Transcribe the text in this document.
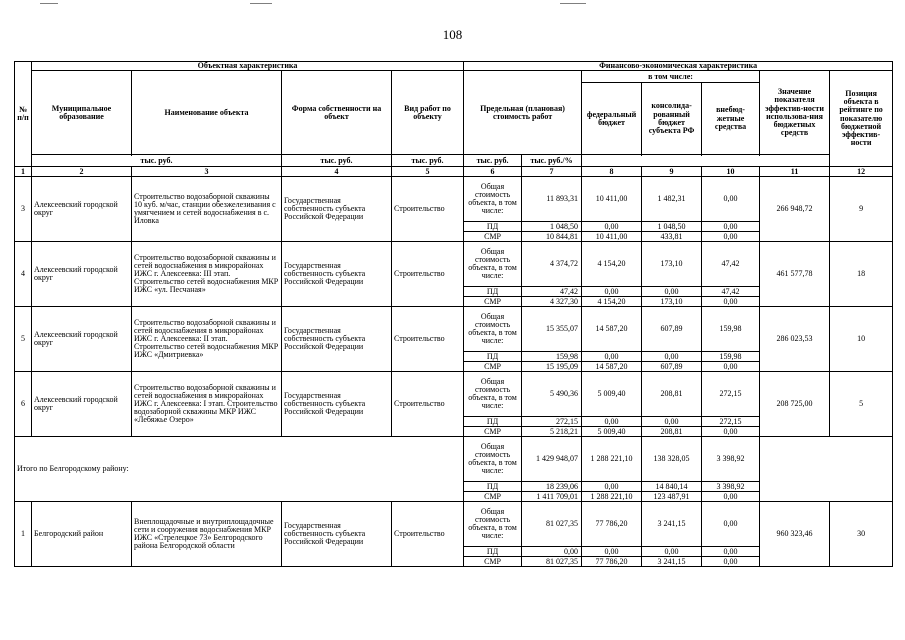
108
№
п/п	Объектная характеристика				Финансово-экономическая характеристика						
	Муниципальное образование	Наименование объекта	Форма собственности на объект	Вид работ по объекту	Предельная (плановая) стоимость работ		в том числе:			Значение показателя эффектив-ности использова-ния бюджетных средств	Позиция объекта в рейтинге по показателю бюджетной эффектив-ности
							федеральный бюджет	консолида-рованный бюджет субъекта РФ	внебюд-жетные средства		

	тыс. руб.		тыс. руб.	тыс. руб.	тыс. руб.	тыс. руб./%					
1	2	3	4	5	6	7	8	9	10	11	12
3	Алексеевский городской округ	Строительство водозаборной скважины 10 куб. м/час, станции обезжелезивания с умягчением и сетей водоснабжения в с. Иловка	Государственная собственность субъекта Российской Федерации	Строительство	Общая стоимость объекта, в том числе:	11 893,31	10 411,00	1 482,31	0,00	266 948,72	9
					ПД	1 048,50	0,00	1 048,50	0,00		
					СМР	10 844,81	10 411,00	433,81	0,00		
4	Алексеевский городской округ	Строительство водозаборной скважины и сетей водоснабжения в микрорайонах ИЖС г. Алексеевка: III этап. Строительство сетей водоснабжения МКР ИЖС «ул. Песчаная»	Государственная собственность субъекта Российской Федерации	Строительство	Общая стоимость объекта, в том числе:	4 374,72	4 154,20	173,10	47,42	461 577,78	18
					ПД	47,42	0,00	0,00	47,42		
					СМР	4 327,30	4 154,20	173,10	0,00		
5	Алексеевский городской округ	Строительство водозаборной скважины и сетей водоснабжения в микрорайонах ИЖС г. Алексеевка: II этап. Строительство сетей водоснабжения МКР ИЖС «Дмитриевка»	Государственная собственность субъекта Российской Федерации	Строительство	Общая стоимость объекта, в том числе:	15 355,07	14 587,20	607,89	159,98	286 023,53	10
					ПД	159,98	0,00	0,00	159,98		
					СМР	15 195,09	14 587,20	607,89	0,00		
6	Алексеевский городской округ	Строительство водозаборной скважины и сетей водоснабжения в микрорайонах ИЖС г. Алексеевка: I этап. Строительство водозаборной скважины МКР ИЖС «Лебяжье Озеро»	Государственная собственность субъекта Российской Федерации	Строительство	Общая стоимость объекта, в том числе:	5 490,36	5 009,40	208,81	272,15	208 725,00	5
					ПД	272,15	0,00	0,00	272,15		
					СМР	5 218,21	5 009,40	208,81	0,00		
Итого по Белгородскому району:					Общая стоимость объекта, в том числе:	1 429 948,07	1 288 221,10	138 328,05	3 398,92		
					ПД	18 239,06	0,00	14 840,14	3 398,92		
					СМР	1 411 709,01	1 288 221,10	123 487,91	0,00		
1	Белгородский район	Внеплощадочные и внутриплощадочные сети и сооружения водоснабжения МКР ИЖС «Стрелецкое 73» Белгородского района Белгородской области	Государственная собственность субъекта Российской Федерации	Строительство	Общая стоимость объекта, в том числе:	81 027,35	77 786,20	3 241,15	0,00	960 323,46	30
					ПД	0,00	0,00	0,00	0,00		
					СМР	81 027,35	77 786,20	3 241,15	0,00		
